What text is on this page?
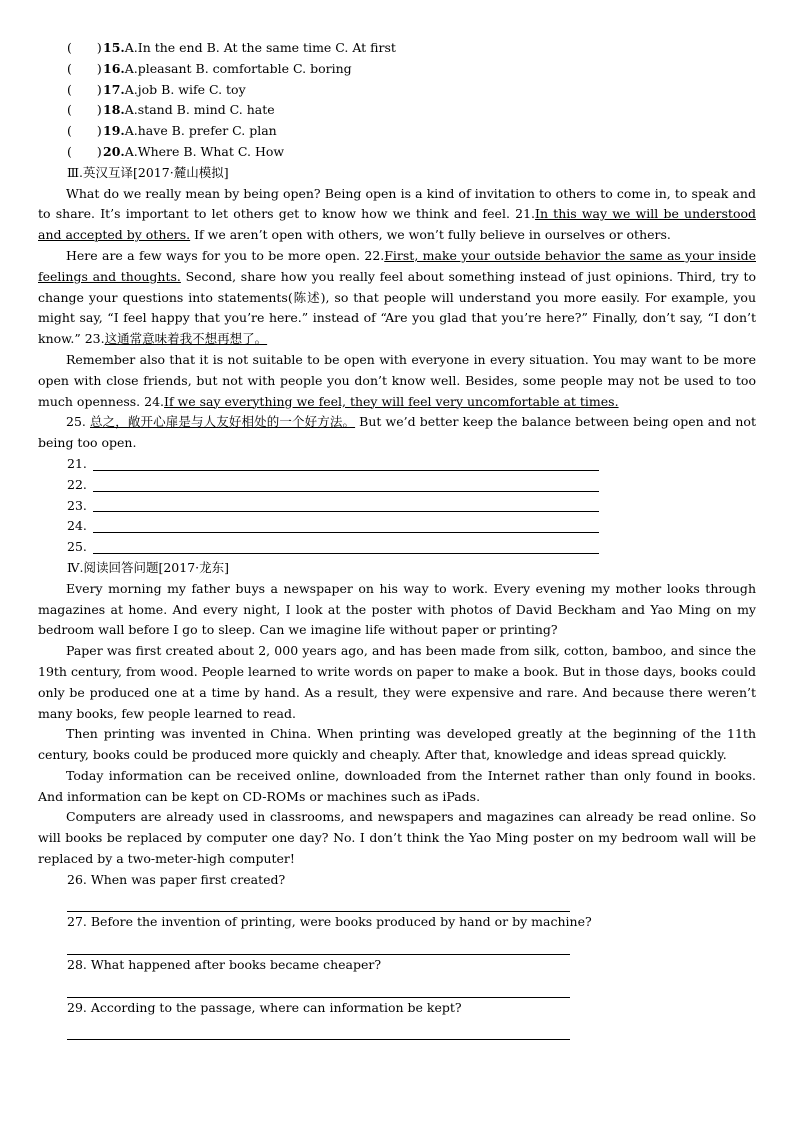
(  )15.A.In the end B. At the same time C. At first
(  )16.A.pleasant B. comfortable C. boring
(  )17.A.job B. wife C. toy
(  )18.A.stand B. mind C. hate
(  )19.A.have B. prefer C. plan
(  )20.A.Where B. What C. How
Ⅲ.英汉互译[2017·麓山模拟]

What do we really mean by being open? Being open is a kind of invitation to others to come in, to speak and to share. It’s important to let others get to know how we think and feel. 21.In this way we will be understood and accepted by others. If we aren’t open with others, we won’t fully believe in ourselves or others.

Here are a few ways for you to be more open. 22.First, make your outside behavior the same as your inside feelings and thoughts. Second, share how you really feel about something instead of just opinions. Third, try to change your questions into statements(陈述), so that people will understand you more easily. For example, you might say, “I feel happy that you’re here.” instead of “Are you glad that you’re here?” Finally, don’t say, “I don’t know.” 23.这通常意味着我不想再想了。

Remember also that it is not suitable to be open with everyone in every situation. You may want to be more open with close friends, but not with people you don’t know well. Besides, some people may not be used to too much openness. 24.If we say everything we feel, they will feel very uncomfortable at times.

25. 总之，敞开心扉是与人友好相处的一个好方法。 But we’d better keep the balance between being open and not being too open.

21.
22.
23.
24.
25.
Ⅳ.阅读回答问题[2017·龙东]

Every morning my father buys a newspaper on his way to work. Every evening my mother looks through magazines at home. And every night, I look at the poster with photos of David Beckham and Yao Ming on my bedroom wall before I go to sleep. Can we imagine life without paper or printing?

Paper was first created about 2, 000 years ago, and has been made from silk, cotton, bamboo, and since the 19th century, from wood. People learned to write words on paper to make a book. But in those days, books could only be produced one at a time by hand. As a result, they were expensive and rare. And because there weren’t many books, few people learned to read.

Then printing was invented in China. When printing was developed greatly at the beginning of the 11th century, books could be produced more quickly and cheaply. After that, knowledge and ideas spread quickly.

Today information can be received online, downloaded from the Internet rather than only found in books. And information can be kept on CD-ROMs or machines such as iPads.

Computers are already used in classrooms, and newspapers and magazines can already be read online. So will books be replaced by computer one day? No. I don’t think the Yao Ming poster on my bedroom wall will be replaced by a two-meter-high computer!

26. When was paper first created?
27. Before the invention of printing, were books produced by hand or by machine?
28. What happened after books became cheaper?
29. According to the passage, where can information be kept?
